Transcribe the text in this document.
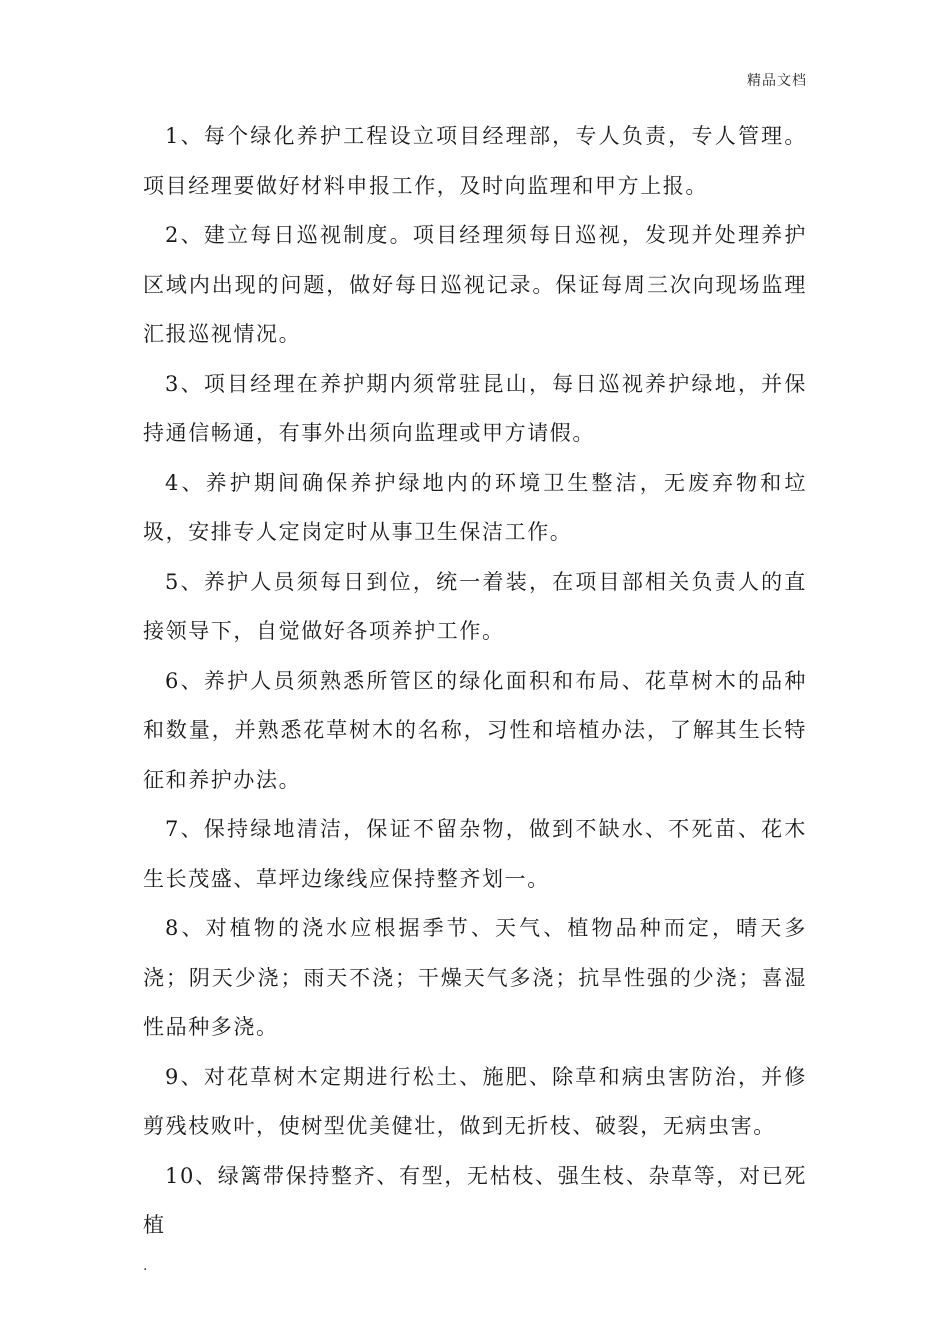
精品文档

1、每个绿化养护工程设立项目经理部，专人负责，专人管理。项目经理要做好材料申报工作，及时向监理和甲方上报。

2、建立每日巡视制度。项目经理须每日巡视，发现并处理养护区域内出现的问题，做好每日巡视记录。保证每周三次向现场监理汇报巡视情况。

3、项目经理在养护期内须常驻昆山，每日巡视养护绿地，并保持通信畅通，有事外出须向监理或甲方请假。

4、养护期间确保养护绿地内的环境卫生整洁，无废弃物和垃圾，安排专人定岗定时从事卫生保洁工作。

5、养护人员须每日到位，统一着装，在项目部相关负责人的直接领导下，自觉做好各项养护工作。

6、养护人员须熟悉所管区的绿化面积和布局、花草树木的品种和数量，并熟悉花草树木的名称，习性和培植办法，了解其生长特征和养护办法。

7、保持绿地清洁，保证不留杂物，做到不缺水、不死苗、花木生长茂盛、草坪边缘线应保持整齐划一。

8、对植物的浇水应根据季节、天气、植物品种而定，晴天多浇；阴天少浇；雨天不浇；干燥天气多浇；抗旱性强的少浇；喜湿性品种多浇。

9、对花草树木定期进行松土、施肥、除草和病虫害防治，并修剪残枝败叶，使树型优美健壮，做到无折枝、破裂，无病虫害。

10、绿篱带保持整齐、有型，无枯枝、强生枝、杂草等，对已死植

.
